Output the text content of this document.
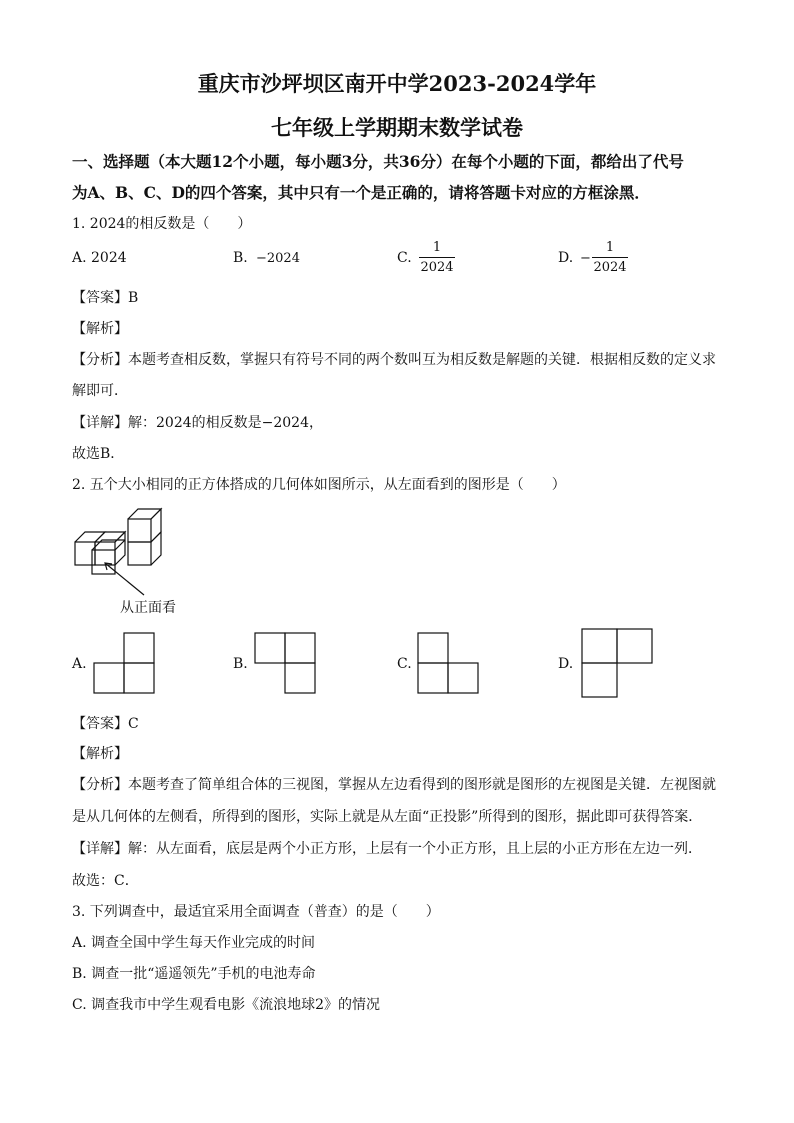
重庆市沙坪坝区南开中学2023-2024学年
七年级上学期期末数学试卷
一、选择题（本大题12个小题，每小题3分，共36分）在每个小题的下面，都给出了代号
为A、B、C、D的四个答案，其中只有一个是正确的，请将答题卡对应的方框涂黑．
1. 2024的相反数是（　　）
A. 2024	B. −2024	C.
1
2024
D. −
1
2024
【答案】B
【解析】
【分析】本题考查相反数，掌握只有符号不同的两个数叫互为相反数是解题的关键．根据相反数的定义求
解即可．
【详解】解：2024的相反数是−2024，
故选B．
2. 五个大小相同的正方体搭成的几何体如图所示，从左面看到的图形是（　　）
从正面看
A.	B.	C.	D.
【答案】C
【解析】
【分析】本题考查了简单组合体的三视图，掌握从左边看得到的图形就是图形的左视图是关键．左视图就
是从几何体的左侧看，所得到的图形，实际上就是从左面“正投影”所得到的图形，据此即可获得答案．
【详解】解：从左面看，底层是两个小正方形，上层有一个小正方形，且上层的小正方形在左边一列．
故选：C．
3. 下列调查中，最适宜采用全面调查（普查）的是（　　）
A. 调查全国中学生每天作业完成的时间
B. 调查一批“遥遥领先”手机的电池寿命
C. 调查我市中学生观看电影《流浪地球2》的情况
